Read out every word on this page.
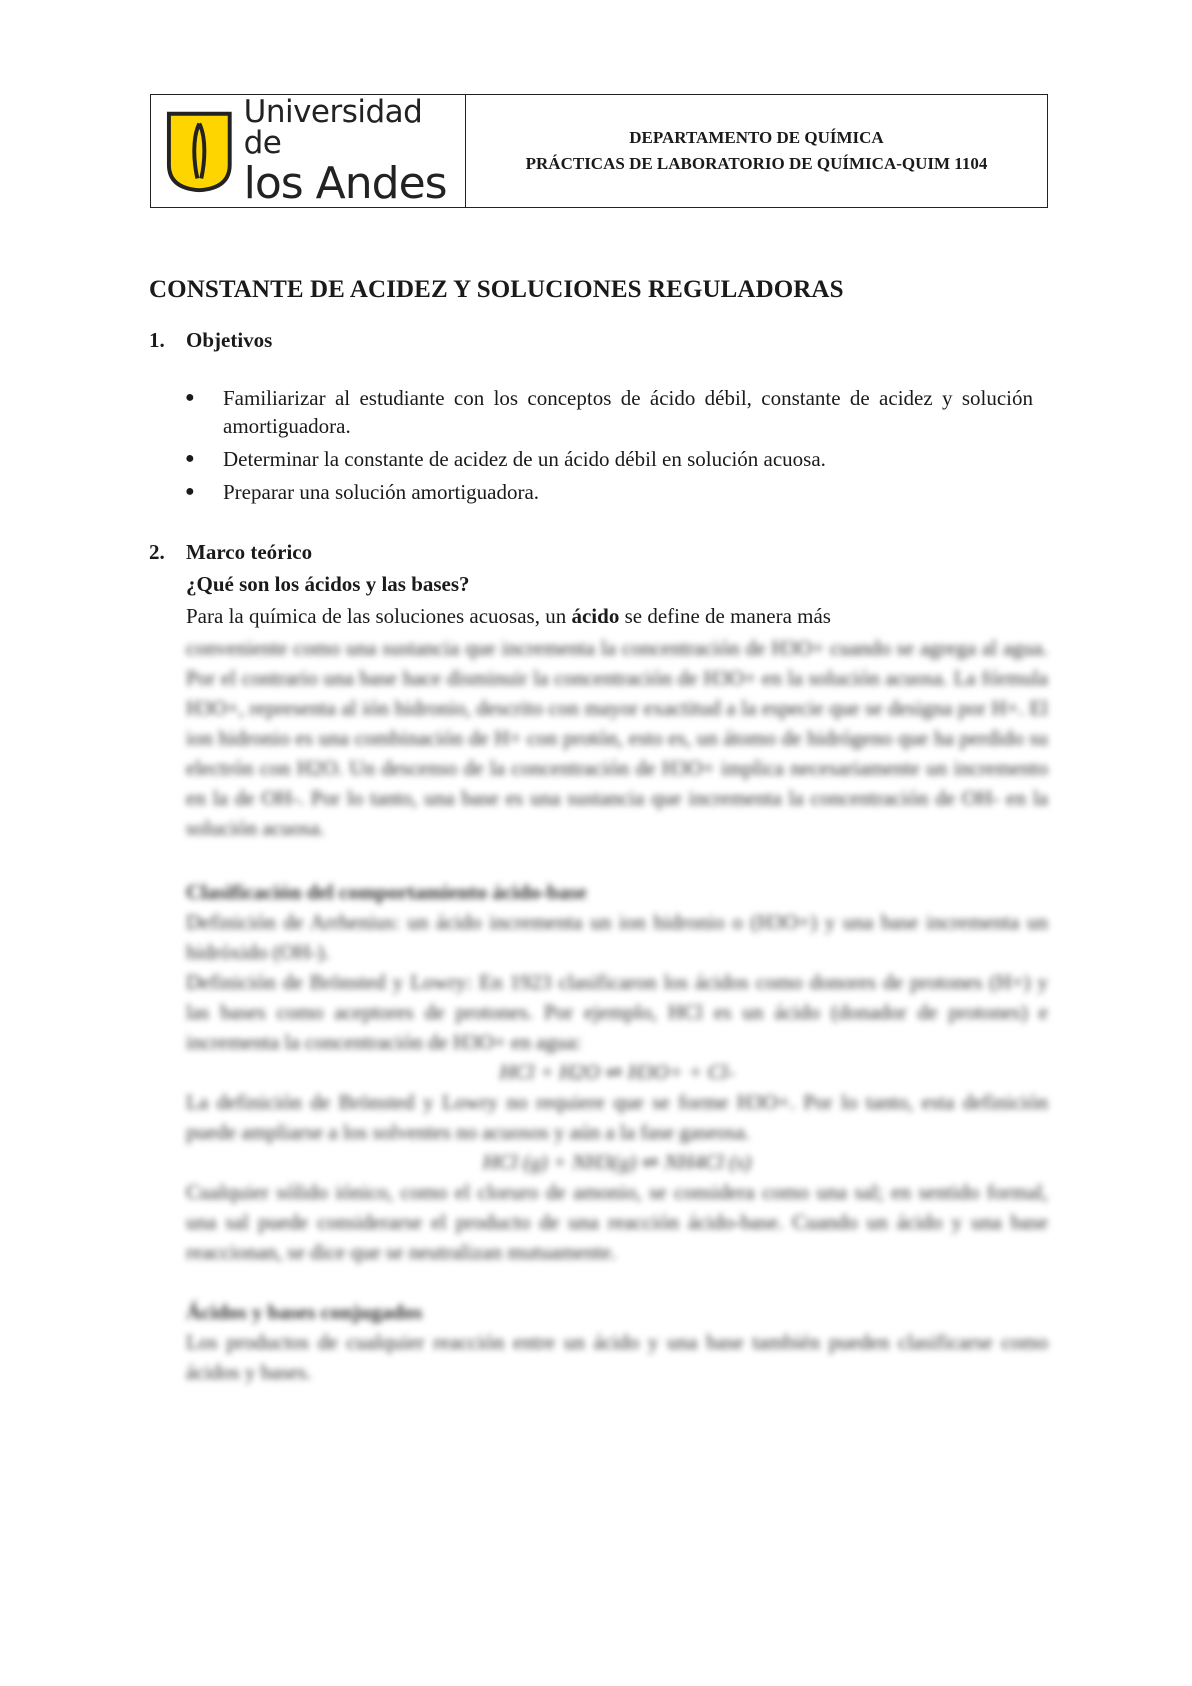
Universidad de
los Andes
DEPARTAMENTO DE QUÍMICA
PRÁCTICAS DE LABORATORIO DE QUÍMICA-QUIM 1104
CONSTANTE DE ACIDEZ Y SOLUCIONES REGULADORAS
1. Objetivos
● Familiarizar al estudiante con los conceptos de ácido débil, constante de acidez y solución amortiguadora.
● Determinar la constante de acidez de un ácido débil en solución acuosa.
● Preparar una solución amortiguadora.
2. Marco teórico
¿Qué son los ácidos y las bases?
Para la química de las soluciones acuosas, un ácido se define de manera más
conveniente como una sustancia que incrementa la concentración de H3O+ cuando se agrega al agua. Por el contrario una base hace disminuir la concentración de H3O+ en la solución acuosa. La fórmula H3O+, representa al ión hidronio, descrito con mayor exactitud a la especie que se designa por H+. El ion hidronio es una combinación de H+ con protón, esto es, un átomo de hidrógeno que ha perdido su electrón con H2O. Un descenso de la concentración de H3O+ implica necesariamente un incremento en la de OH-. Por lo tanto, una base es una sustancia que incrementa la concentración de OH- en la solución acuosa.
Clasificación del comportamiento ácido-base
Definición de Arrhenius: un ácido incrementa un ion hidronio o (H3O+) y una base incrementa un hidróxido (OH-).
Definición de Brönsted y Lowry: En 1923 clasificaron los ácidos como donores de protones (H+) y las bases como aceptores de protones. Por ejemplo, HCl es un ácido (donador de protones) e incrementa la concentración de H3O+ en agua:
HCl + H2O ⇌ H3O+ + Cl-
La definición de Brönsted y Lowry no requiere que se forme H3O+. Por lo tanto, esta definición puede ampliarse a los solventes no acuosos y aún a la fase gaseosa.
HCl (g) + NH3(g) ⇌ NH4Cl (s)
Cualquier sólido iónico, como el cloruro de amonio, se considera como una sal; en sentido formal, una sal puede considerarse el producto de una reacción ácido-base. Cuando un ácido y una base reaccionan, se dice que se neutralizan mutuamente.
Ácidos y bases conjugados
Los productos de cualquier reacción entre un ácido y una base también pueden clasificarse como ácidos y bases.
